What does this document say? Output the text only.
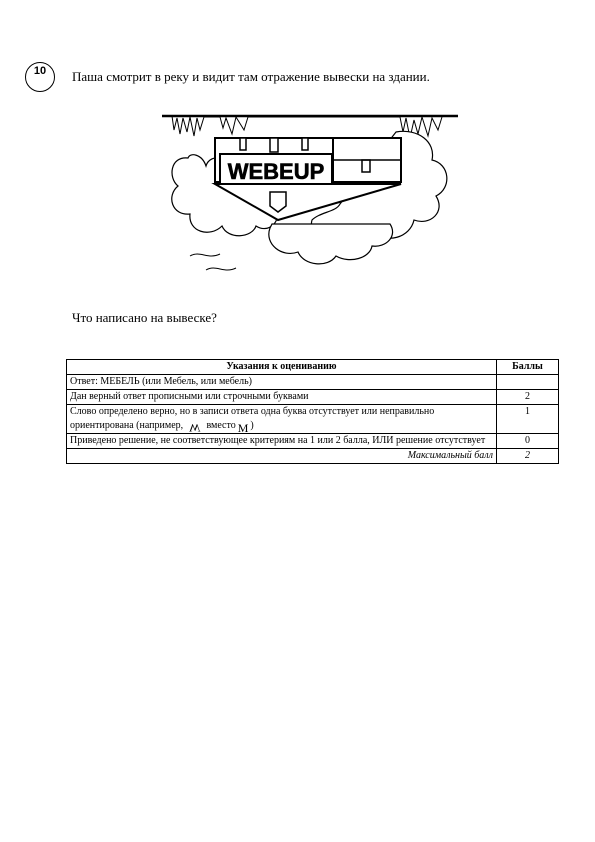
10	Паша смотрит в реку и видит там отражение вывески на здании.
WEBEUP
Что написано на вывеске?
Указания к оцениванию	Баллы
Ответ: МЕБЕЛЬ (или Мебель, или мебель)	
Дан верный ответ прописными или строчными буквами	2
Слово определено верно, но в записи ответа одна буква отсутствует или неправильно ориентирована (например, W вместо M )	1
Приведено решение, не соответствующее критериям на 1 или 2 балла, ИЛИ решение отсутствует	0
Максимальный балл	2
